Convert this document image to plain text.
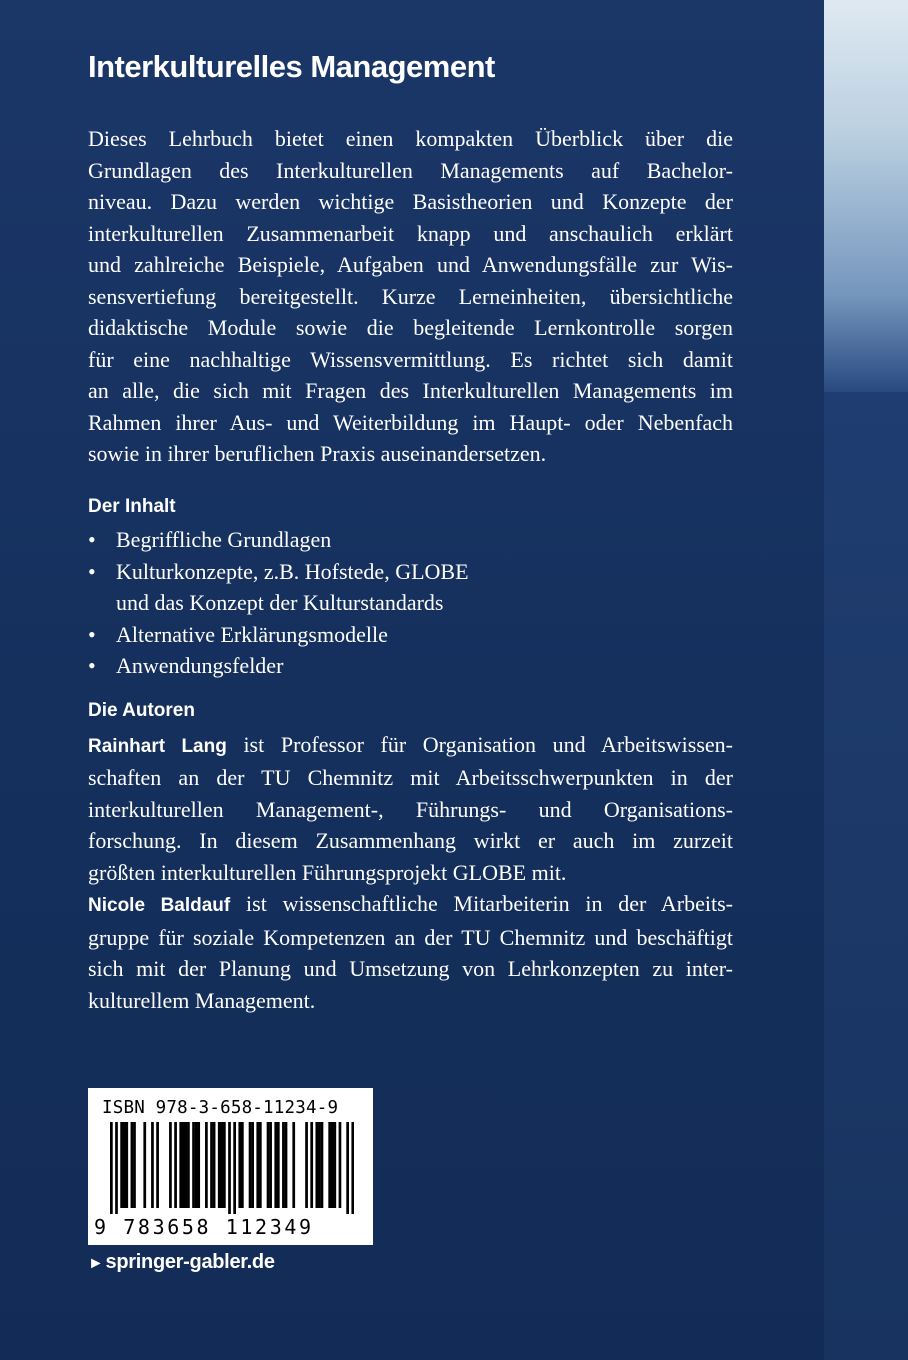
Interkulturelles Management

Dieses Lehrbuch bietet einen kompakten Überblick über die
Grundlagen des Interkulturellen Managements auf Bachelor-
niveau. Dazu werden wichtige Basistheorien und Konzepte der
interkulturellen Zusammenarbeit knapp und anschaulich erklärt
und zahlreiche Beispiele, Aufgaben und Anwendungsfälle zur Wis-
sensvertiefung bereitgestellt. Kurze Lerneinheiten, übersichtliche
didaktische Module sowie die begleitende Lernkontrolle sorgen
für eine nachhaltige Wissensvermittlung. Es richtet sich damit
an alle, die sich mit Fragen des Interkulturellen Managements im
Rahmen ihrer Aus- und Weiterbildung im Haupt- oder Nebenfach
sowie in ihrer beruflichen Praxis auseinandersetzen.

Der Inhalt
• Begriffliche Grundlagen
• Kulturkonzepte, z.B. Hofstede, GLOBE
und das Konzept der Kulturstandards
• Alternative Erklärungsmodelle
• Anwendungsfelder
Die Autoren

Rainhart Lang ist Professor für Organisation und Arbeitswissen-
schaften an der TU Chemnitz mit Arbeitsschwerpunkten in der
interkulturellen Management-, Führungs- und Organisations-
forschung. In diesem Zusammenhang wirkt er auch im zurzeit
größten interkulturellen Führungsprojekt GLOBE mit.

Nicole Baldauf ist wissenschaftliche Mitarbeiterin in der Arbeits-
gruppe für soziale Kompetenzen an der TU Chemnitz und beschäftigt
sich mit der Planung und Umsetzung von Lehrkonzepten zu inter-
kulturellem Management.

ISBN 978-3-658-11234-9
9 783658 112349
► springer-gabler.de
